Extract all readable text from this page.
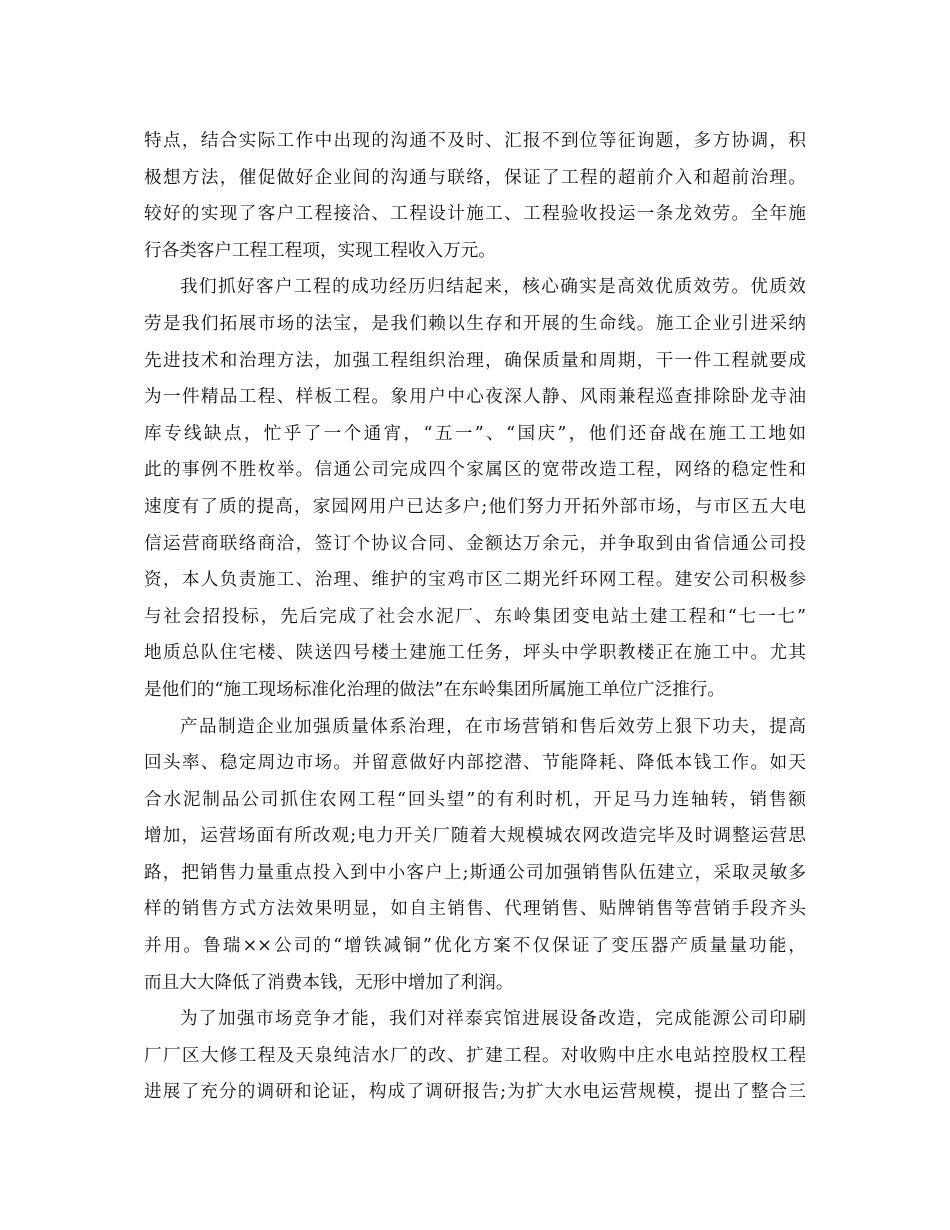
特点，结合实际工作中出现的沟通不及时、汇报不到位等征询题，多方协调，积
极想方法，催促做好企业间的沟通与联络，保证了工程的超前介入和超前治理。
较好的实现了客户工程接洽、工程设计施工、工程验收投运一条龙效劳。全年施
行各类客户工程工程项，实现工程收入万元。
我们抓好客户工程的成功经历归结起来，核心确实是高效优质效劳。优质效
劳是我们拓展市场的法宝，是我们赖以生存和开展的生命线。施工企业引进采纳
先进技术和治理方法，加强工程组织治理，确保质量和周期，干一件工程就要成
为一件精品工程、样板工程。象用户中心夜深人静、风雨兼程巡查排除卧龙寺油
库专线缺点，忙乎了一个通宵，“五一”、“国庆”，他们还奋战在施工工地如
此的事例不胜枚举。信通公司完成四个家属区的宽带改造工程，网络的稳定性和
速度有了质的提高，家园网用户已达多户;他们努力开拓外部市场，与市区五大电
信运营商联络商洽，签订个协议合同、金额达万余元，并争取到由省信通公司投
资，本人负责施工、治理、维护的宝鸡市区二期光纤环网工程。建安公司积极参
与社会招投标，先后完成了社会水泥厂、东岭集团变电站土建工程和“七一七”
地质总队住宅楼、陕送四号楼土建施工任务，坪头中学职教楼正在施工中。尤其
是他们的“施工现场标准化治理的做法”在东岭集团所属施工单位广泛推行。
产品制造企业加强质量体系治理，在市场营销和售后效劳上狠下功夫，提高
回头率、稳定周边市场。并留意做好内部挖潜、节能降耗、降低本钱工作。如天
合水泥制品公司抓住农网工程“回头望”的有利时机，开足马力连轴转，销售额
增加，运营场面有所改观;电力开关厂随着大规模城农网改造完毕及时调整运营思
路，把销售力量重点投入到中小客户上;斯通公司加强销售队伍建立，采取灵敏多
样的销售方式方法效果明显，如自主销售、代理销售、贴牌销售等营销手段齐头
并用。鲁瑞××公司的“增铁减铜”优化方案不仅保证了变压器产质量量功能，
而且大大降低了消费本钱，无形中增加了利润。
为了加强市场竞争才能，我们对祥泰宾馆进展设备改造，完成能源公司印刷
厂厂区大修工程及天泉纯洁水厂的改、扩建工程。对收购中庄水电站控股权工程
进展了充分的调研和论证，构成了调研报告;为扩大水电运营规模，提出了整合三
